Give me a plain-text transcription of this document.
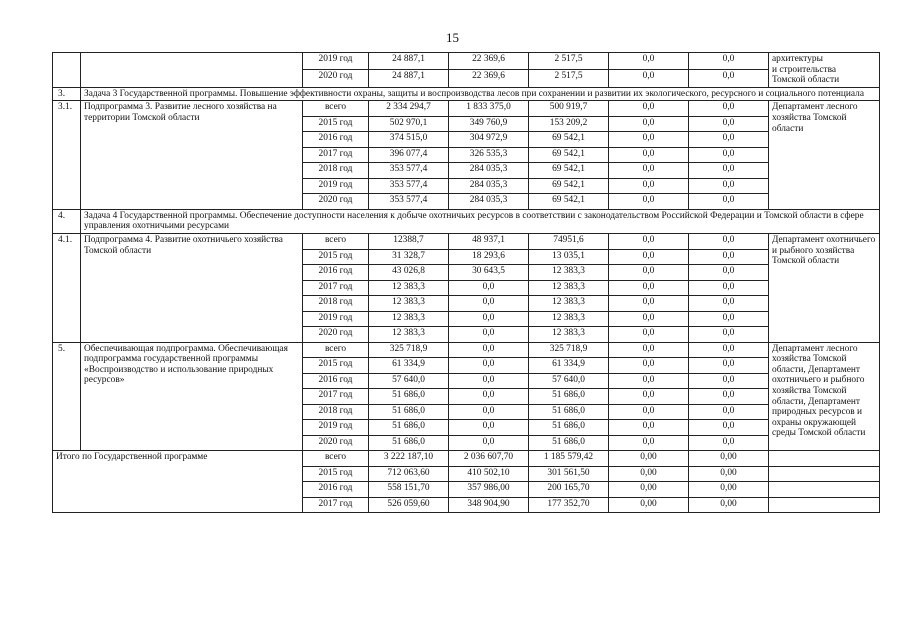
15
		2019 год	24 887,1	22 369,6	2 517,5	0,0	0,0	архитектуры
и строительства
Томской области
		2020 год	24 887,1	22 369,6	2 517,5	0,0	0,0	
3.	Задача 3 Государственной программы. Повышение эффективности охраны, защиты и воспроизводства лесов при сохранении и развитии их экологического, ресурсного и социального потенциала							
3.1.	Подпрограмма 3. Развитие лесного хозяйства на территории Томской области	всего	2 334 294,7	1 833 375,0	500 919,7	0,0	0,0	Департамент лесного хозяйства Томской области
		2015 год	502 970,1	349 760,9	153 209,2	0,0	0,0	
		2016 год	374 515,0	304 972,9	69 542,1	0,0	0,0	
		2017 год	396 077,4	326 535,3	69 542,1	0,0	0,0	
		2018 год	353 577,4	284 035,3	69 542,1	0,0	0,0	
		2019 год	353 577,4	284 035,3	69 542,1	0,0	0,0	
		2020 год	353 577,4	284 035,3	69 542,1	0,0	0,0	
4.	Задача 4 Государственной программы. Обеспечение доступности населения к добыче охотничьих ресурсов в соответствии с законодательством Российской Федерации и Томской области в сфере управления охотничьими ресурсами							
4.1.	Подпрограмма 4. Развитие охотничьего хозяйства Томской области	всего	12388,7	48 937,1	74951,6	0,0	0,0	Департамент охотничьего и рыбного хозяйства Томской области
		2015 год	31 328,7	18 293,6	13 035,1	0,0	0,0	
		2016 год	43 026,8	30 643,5	12 383,3	0,0	0,0	
		2017 год	12 383,3	0,0	12 383,3	0,0	0,0	
		2018 год	12 383,3	0,0	12 383,3	0,0	0,0	
		2019 год	12 383,3	0,0	12 383,3	0,0	0,0	
		2020 год	12 383,3	0,0	12 383,3	0,0	0,0	
5.	Обеспечивающая подпрограмма. Обеспечивающая подпрограмма государственной программы «Воспроизводство и использование природных ресурсов»	всего	325 718,9	0,0	325 718,9	0,0	0,0	Департамент лесного хозяйства Томской области, Департамент охотничьего и рыбного хозяйства Томской области, Департамент природных ресурсов и охраны окружающей среды Томской области
		2015 год	61 334,9	0,0	61 334,9	0,0	0,0	
		2016 год	57 640,0	0,0	57 640,0	0,0	0,0	
		2017 год	51 686,0	0,0	51 686,0	0,0	0,0	
		2018 год	51 686,0	0,0	51 686,0	0,0	0,0	
		2019 год	51 686,0	0,0	51 686,0	0,0	0,0	
		2020 год	51 686,0	0,0	51 686,0	0,0	0,0	
Итого по Государственной программе		всего	3 222 187,10	2 036 607,70	1 185 579,42	0,00	0,00	
		2015 год	712 063,60	410 502,10	301 561,50	0,00	0,00	
		2016 год	558 151,70	357 986,00	200 165,70	0,00	0,00	
		2017 год	526 059,60	348 904,90	177 352,70	0,00	0,00	
